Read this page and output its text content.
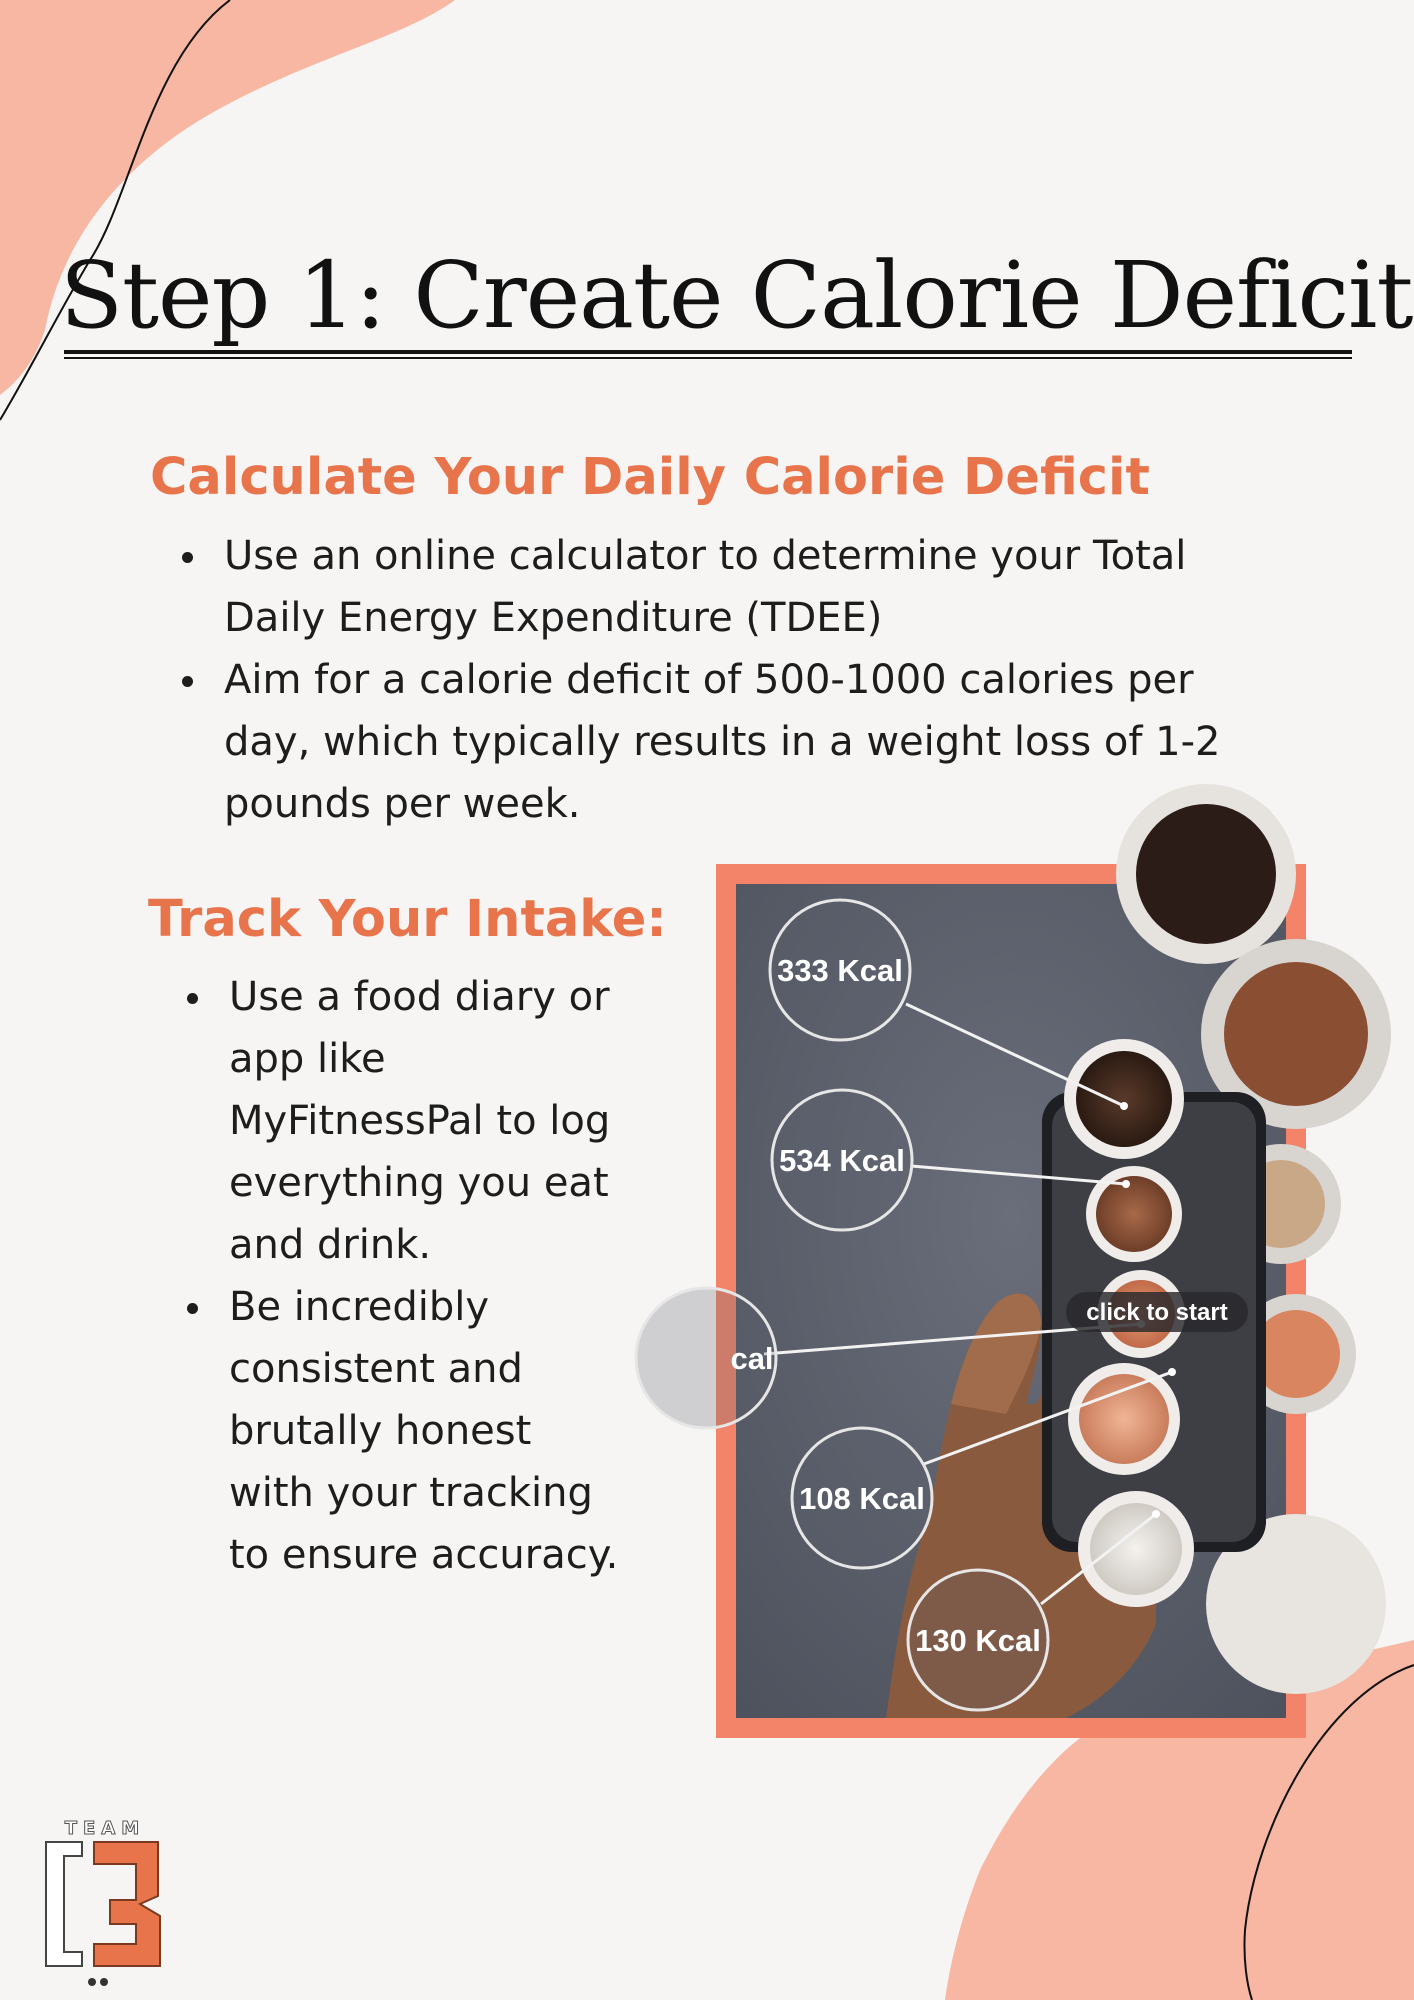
Step 1: Create Calorie Deficit
Calculate Your Daily Calorie Deficit
Use an online calculator to determine your Total Daily Energy Expenditure (TDEE)
Aim for a calorie deficit of 500-1000 calories per day, which typically results in a weight loss of 1-2 pounds per week.
Track Your Intake:
Use a food diary or app like MyFitnessPal to log everything you eat and drink.
Be incredibly consistent and brutally honest with your tracking to ensure accuracy.
333 Kcal
534 Kcal
cal
108 Kcal
130 Kcal
click to start
TEAM
